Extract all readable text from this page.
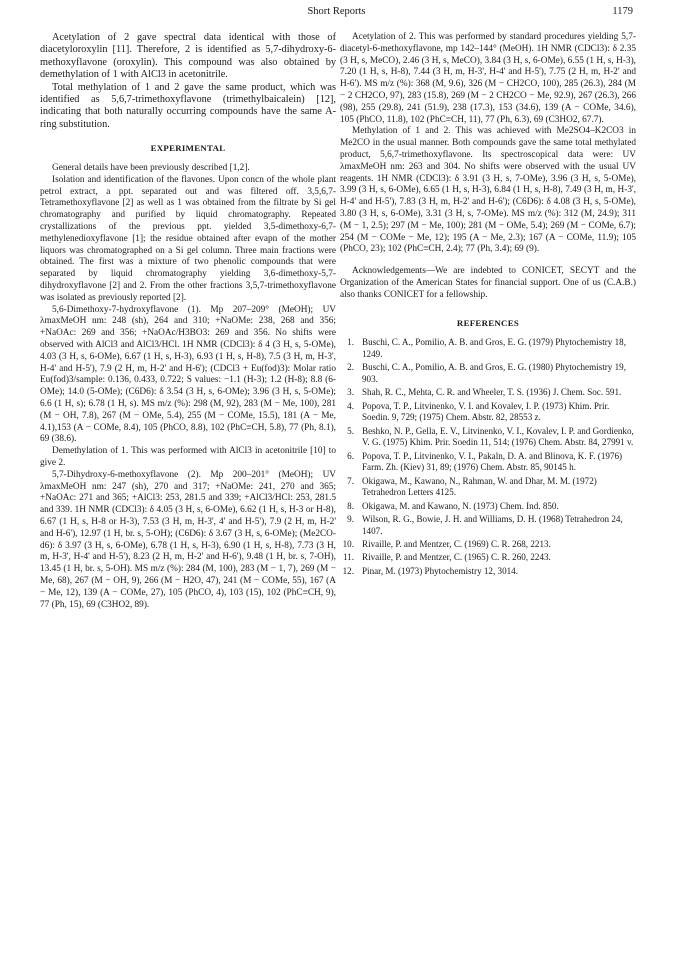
Short Reports	1179

Acetylation of 2 gave spectral data identical with those of diacetyloroxylin [11]. Therefore, 2 is identified as 5,7-dihydroxy-6-methoxyflavone (oroxylin). This compound was also obtained by demethylation of 1 with AlCl3 in acetonitrile.

Total methylation of 1 and 2 gave the same product, which was identified as 5,6,7-trimethoxyflavone (trimethylbaicalein) [12], indicating that both naturally occurring compounds have the same A-ring substitution.

EXPERIMENTAL

General details have been previously described [1,2].

Isolation and identification of the flavones. Upon concn of the whole plant petrol extract, a ppt. separated out and was filtered off. 3,5,6,7-Tetramethoxyflavone [2] as well as 1 was obtained from the filtrate by Si gel chromatography and purified by liquid chromatography. Repeated crystallizations of the previous ppt. yielded 3,5-dimethoxy-6,7-methylenedioxyflavone [1]; the residue obtained after evapn of the mother liquors was chromatographed on a Si gel column. Three main fractions were obtained. The first was a mixture of two phenolic compounds that were separated by liquid chromatography yielding 3,6-dimethoxy-5,7-dihydroxyflavone [2] and 2. From the other fractions 3,5,7-trimethoxyflavone was isolated as previously reported [2].

5,6-Dimethoxy-7-hydroxyflavone (1). Mp 207–209° (MeOH); UV λmaxMeOH nm: 248 (sh), 264 and 310; +NaOMe: 238, 268 and 356; +NaOAc: 269 and 356; +NaOAc/H3BO3: 269 and 356. No shifts were observed with AlCl3 and AlCl3/HCl. 1H NMR (CDCl3): δ 4 (3 H, s, 5-OMe), 4.03 (3 H, s, 6-OMe), 6.67 (1 H, s, H-3), 6.93 (1 H, s, H-8), 7.5 (3 H, m, H-3', H-4' and H-5'), 7.9 (2 H, m, H-2' and H-6'); (CDCl3 + Eu(fod)3): Molar ratio Eu(fod)3/sample: 0.136, 0.433, 0.722; S values: −1.1 (H-3); 1.2 (H-8); 8.8 (6-OMe); 14.0 (5-OMe); (C6D6): δ 3.54 (3 H, s, 6-OMe); 3.96 (3 H, s, 5-OMe); 6.6 (1 H, s); 6.78 (1 H, s). MS m/z (%): 298 (M, 92), 283 (M − Me, 100), 281 (M − OH, 7.8), 267 (M − OMe, 5.4), 255 (M − COMe, 15.5), 181 (A − Me, 4.1),153 (A − COMe, 8.4), 105 (PhCO, 8.8), 102 (PhC≡CH, 5.8), 77 (Ph, 8.1), 69 (38.6).

Demethylation of 1. This was performed with AlCl3 in acetonitrile [10] to give 2.

5,7-Dihydroxy-6-methoxyflavone (2). Mp 200–201° (MeOH); UV λmaxMeOH nm: 247 (sh), 270 and 317; +NaOMe: 241, 270 and 365; +NaOAc: 271 and 365; +AlCl3: 253, 281.5 and 339; +AlCl3/HCl: 253, 281.5 and 339. 1H NMR (CDCl3): δ 4.05 (3 H, s, 6-OMe), 6.62 (1 H, s, H-3 or H-8), 6.67 (1 H, s, H-8 or H-3), 7.53 (3 H, m, H-3', 4' and H-5'), 7.9 (2 H, m, H-2' and H-6'), 12.97 (1 H, br. s, 5-OH); (C6D6): δ 3.67 (3 H, s, 6-OMe); (Me2CO-d6): δ 3.97 (3 H, s, 6-OMe), 6.78 (1 H, s, H-3), 6.90 (1 H, s, H-8), 7.73 (3 H, m, H-3', H-4' and H-5'), 8.23 (2 H, m, H-2' and H-6'), 9.48 (1 H, br. s, 7-OH), 13.45 (1 H, br. s, 5-OH). MS m/z (%): 284 (M, 100), 283 (M − 1, 7), 269 (M − Me, 68), 267 (M − OH, 9), 266 (M − H2O, 47), 241 (M − COMe, 55), 167 (A − Me, 12), 139 (A − COMe, 27), 105 (PhCO, 4), 103 (15), 102 (PhC≡CH, 9), 77 (Ph, 15), 69 (C3HO2, 89).

Acetylation of 2. This was performed by standard procedures yielding 5,7-diacetyl-6-methoxyflavone, mp 142–144° (MeOH). 1H NMR (CDCl3): δ 2.35 (3 H, s, MeCO), 2.46 (3 H, s, MeCO), 3.84 (3 H, s, 6-OMe), 6.55 (1 H, s, H-3), 7.20 (1 H, s, H-8), 7.44 (3 H, m, H-3', H-4' and H-5'), 7.75 (2 H, m, H-2' and H-6'). MS m/z (%): 368 (M, 9.6), 326 (M − CH2CO, 100), 285 (26.3), 284 (M − 2 CH2CO, 97), 283 (15.8), 269 (M − 2 CH2CO − Me, 92.9), 267 (26.3), 266 (98), 255 (29.8), 241 (51.9), 238 (17.3), 153 (34.6), 139 (A − COMe, 34.6), 105 (PhCO, 11.8), 102 (PhC≡CH, 11), 77 (Ph, 6.3), 69 (C3HO2, 67.7).

Methylation of 1 and 2. This was achieved with Me2SO4–K2CO3 in Me2CO in the usual manner. Both compounds gave the same total methylated product, 5,6,7-trimethoxyflavone. Its spectroscopical data were: UV λmaxMeOH nm: 263 and 304. No shifts were observed with the usual UV reagents. 1H NMR (CDCl3): δ 3.91 (3 H, s, 7-OMe), 3.96 (3 H, s, 5-OMe), 3.99 (3 H, s, 6-OMe), 6.65 (1 H, s, H-3), 6.84 (1 H, s, H-8), 7.49 (3 H, m, H-3', H-4' and H-5'), 7.83 (3 H, m, H-2' and H-6'); (C6D6): δ 4.08 (3 H, s, 5-OMe), 3.80 (3 H, s, 6-OMe), 3.31 (3 H, s, 7-OMe). MS m/z (%): 312 (M, 24.9); 311 (M − 1, 2.5); 297 (M − Me, 100); 281 (M − OMe, 5.4); 269 (M − COMe, 6.7); 254 (M − COMe − Me, 12); 195 (A − Me, 2.3); 167 (A − COMe, 11.9); 105 (PhCO, 23); 102 (PhC≡CH, 2.4); 77 (Ph, 3.4); 69 (9).

Acknowledgements—We are indebted to CONICET, SECYT and the Organization of the American States for financial support. One of us (C.A.B.) also thanks CONICET for a fellowship.

REFERENCES
1. Buschi, C. A., Pomilio, A. B. and Gros, E. G. (1979) Phytochemistry 18, 1249.
2. Buschi, C. A., Pomilio, A. B. and Gros, E. G. (1980) Phytochemistry 19, 903.
3. Shah, R. C., Mehta, C. R. and Wheeler, T. S. (1936) J. Chem. Soc. 591.
4. Popova, T. P., Litvinenko, V. I. and Kovalev, I. P. (1973) Khim. Prir. Soedin. 9, 729; (1975) Chem. Abstr. 82, 28553 z.
5. Beshko, N. P., Gella, E. V., Litvinenko, V. I., Kovalev, I. P. and Gordienko, V. G. (1975) Khim. Prir. Soedin 11, 514; (1976) Chem. Abstr. 84, 27991 v.
6. Popova, T. P., Litvinenko, V. I., Pakaln, D. A. and Blinova, K. F. (1976) Farm. Zh. (Kiev) 31, 89; (1976) Chem. Abstr. 85, 90145 h.
7. Okigawa, M., Kawano, N., Rahman, W. and Dhar, M. M. (1972) Tetrahedron Letters 4125.
8. Okigawa, M. and Kawano, N. (1973) Chem. Ind. 850.
9. Wilson, R. G., Bowie, J. H. and Williams, D. H. (1968) Tetrahedron 24, 1407.
10. Rivaille, P. and Mentzer, C. (1969) C. R. 268, 2213.
11. Rivaille, P. and Mentzer, C. (1965) C. R. 260, 2243.
12. Pinar, M. (1973) Phytochemistry 12, 3014.
